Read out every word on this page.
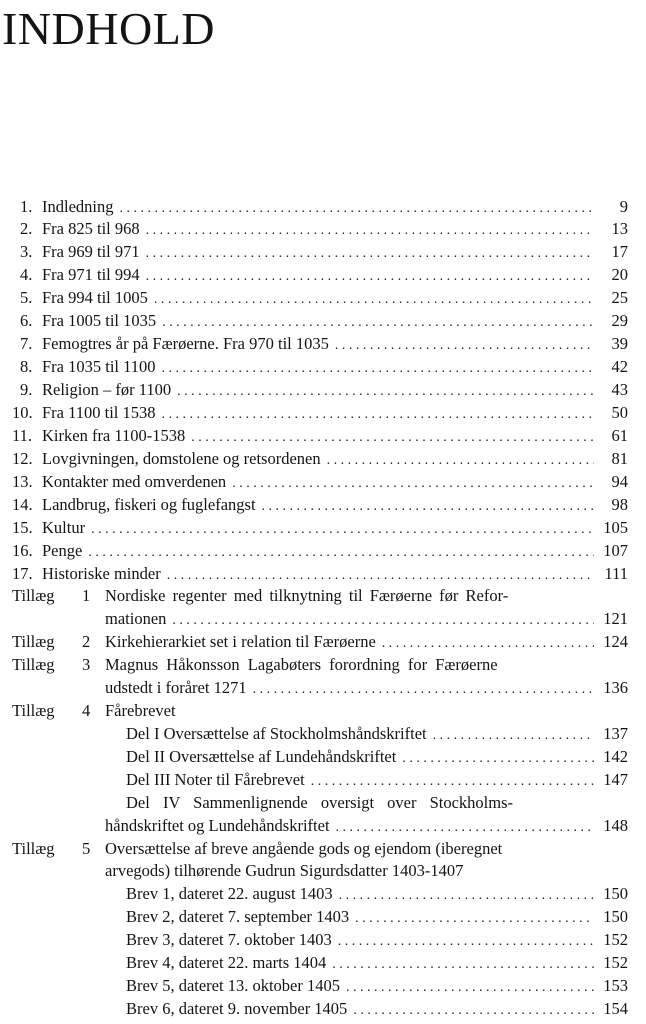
INDHOLD
1. Indledning . . .	9
2. Fra 825 til 968 . . .	13
3. Fra 969 til 971 . . .	17
4. Fra 971 til 994 . . .	20
5. Fra 994 til 1005 . . .	25
6. Fra 1005 til 1035 . . .	29
7. Femogtres år på Færøerne. Fra 970 til 1035 . . .	39
8. Fra 1035 til 1100 . . .	42
9. Religion – før 1100 . . .	43
10. Fra 1100 til 1538 . . .	50
11. Kirken fra 1100-1538 . . .	61
12. Lovgivningen, domstolene og retsordenen . . .	81
13. Kontakter med omverdenen . . .	94
14. Landbrug, fiskeri og fuglefangst . . .	98
15. Kultur . . .	105
16. Penge . . .	107
17. Historiske minder . . .	111
Tillæg 1 Nordiske regenter med tilknytning til Færøerne før Refor-
mationen . . .	121
Tillæg 2 Kirkehierarkiet set i relation til Færøerne . . .	124
Tillæg 3 Magnus Håkonsson Lagabøters forordning for Færøerne
udstedt i foråret 1271 . . .	136
Tillæg 4 Fårebrevet
Del I Oversættelse af Stockholmshåndskriftet . . .	137
Del II Oversættelse af Lundehåndskriftet . . .	142
Del III Noter til Fårebrevet . . .	147
Del IV Sammenlignende oversigt over Stockholms-
håndskriftet og Lundehåndskriftet . . .	148
Tillæg 5 Oversættelse af breve angående gods og ejendom (iberegnet
arvegods) tilhørende Gudrun Sigurdsdatter 1403-1407
Brev 1, dateret 22. august 1403 . . .	150
Brev 2, dateret 7. september 1403 . . .	150
Brev 3, dateret 7. oktober 1403 . . .	152
Brev 4, dateret 22. marts 1404 . . .	152
Brev 5, dateret 13. oktober 1405 . . .	153
Brev 6, dateret 9. november 1405 . . .	154
